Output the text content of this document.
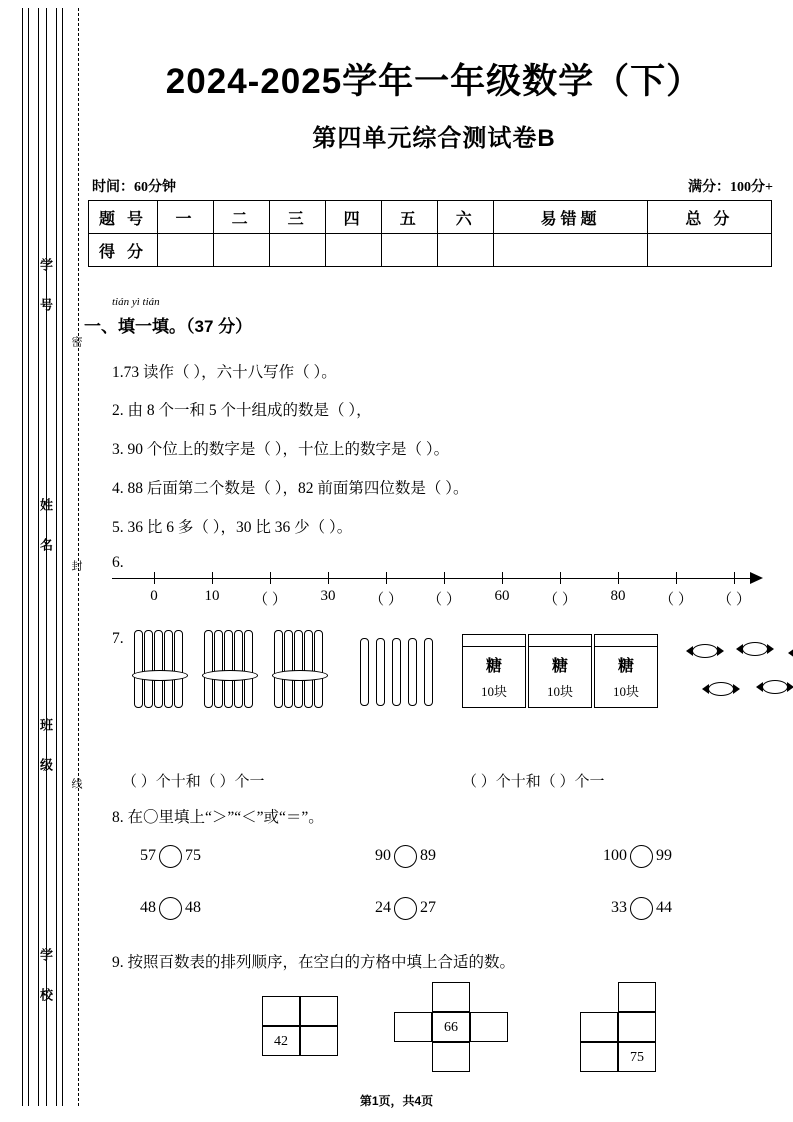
学 号
姓 名
班 级
学 校
密
封
线
2024-2025学年一年级数学（下）
第四单元综合测试卷B
时间：60分钟	满分：100分+
题 号	一	二	三	四	五	六	易错题	总 分
得 分								
tián yì tián
一、填一填。（37 分）
1.73 读作（ ），六十八写作（ ）。
2. 由 8 个一和 5 个十组成的数是（ ），
3. 90 个位上的数字是（ ），十位上的数字是（ ）。
4. 88 后面第二个数是（ ），82 前面第四位数是（ ）。
5. 36 比 6 多（ ），30 比 36 少（ ）。
6.
0	10 （ ） 30 （ ） （ ） 60 （ ） 80 （ ） （ ）
7.
糖
10块
糖
10块
糖
10块
（ ）个十和（ ）个一	（ ）个十和（ ）个一
8. 在〇里填上“＞”“＜”或“＝”。
57 75	90 89	100 99
48 48	24 27	33 44
9. 按照百数表的排列顺序，在空白的方格中填上合适的数。
42
66
75
第1页，共4页
